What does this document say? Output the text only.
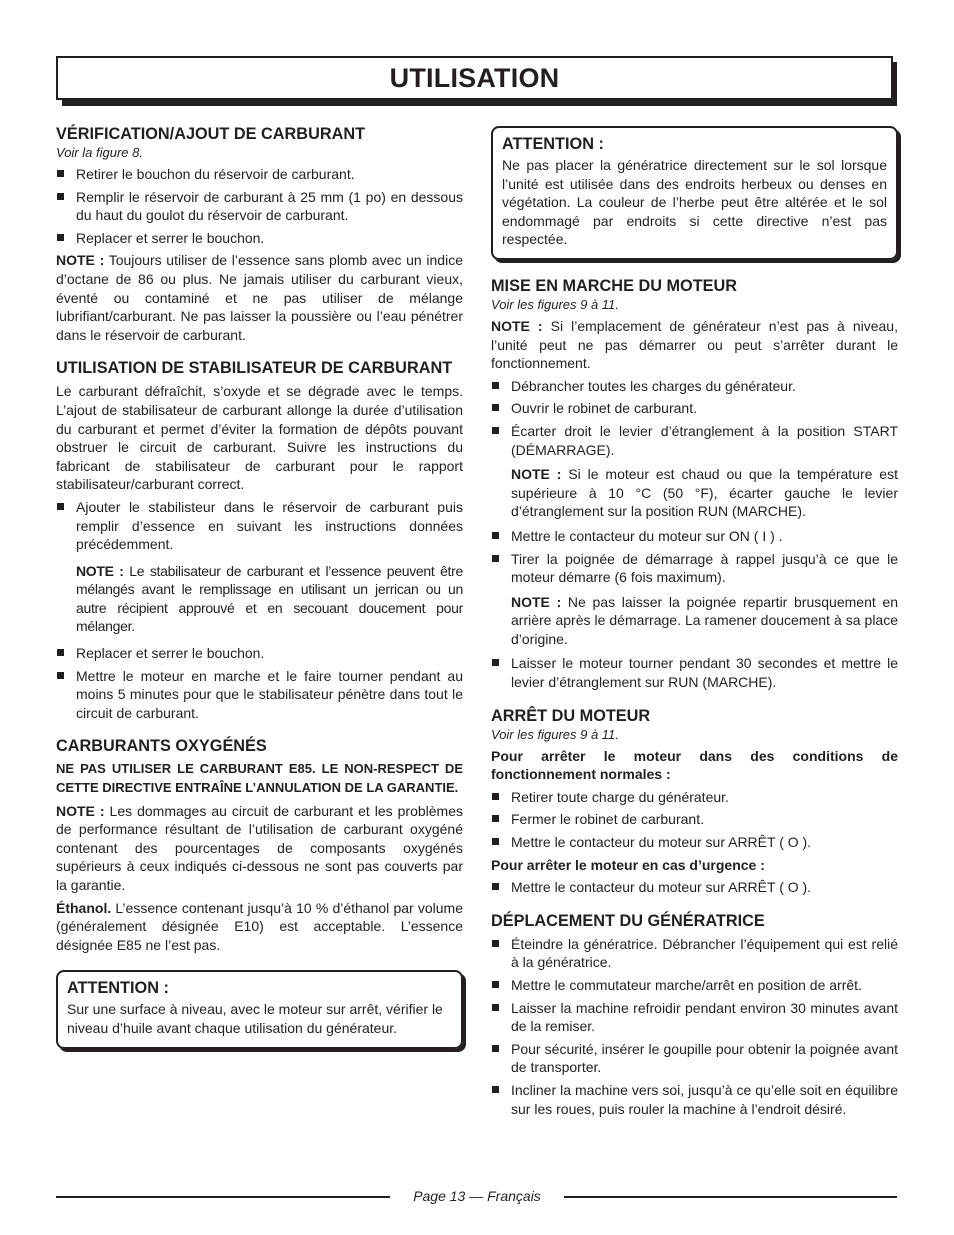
UTILISATION
VÉRIFICATION/AJOUT DE CARBURANT
Voir la figure 8.
Retirer le bouchon du réservoir de carburant.
Remplir le réservoir de carburant à 25 mm (1 po) en dessous du haut du goulot du réservoir de carburant.
Replacer et serrer le bouchon.

NOTE : Toujours utiliser de l’essence sans plomb avec un indice d’octane de 86 ou plus. Ne jamais utiliser du carburant vieux, éventé ou contaminé et ne pas utiliser de mélange lubrifiant/carburant. Ne pas laisser la poussière ou l’eau pénétrer dans le réservoir de carburant.

UTILISATION DE STABILISATEUR DE CARBURANT

Le carburant défraîchit, s’oxyde et se dégrade avec le temps. L’ajout de stabilisateur de carburant allonge la durée d’utilisation du carburant et permet d’éviter la formation de dépôts pouvant obstruer le circuit de carburant. Suivre les instructions du fabricant de stabilisateur de carburant pour le rapport stabilisateur/carburant correct.

Ajouter le stabilisteur dans le réservoir de carburant puis remplir d’essence en suivant les instructions données précédemment.
NOTE : Le stabilisateur de carburant et l’essence peuvent être mélangés avant le remplissage en utilisant un jerrican ou un autre récipient approuvé et en secouant doucement pour mélanger.
Replacer et serrer le bouchon.
Mettre le moteur en marche et le faire tourner pendant au moins 5 minutes pour que le stabilisateur pénètre dans tout le circuit de carburant.
CARBURANTS OXYGÉNÉS

NE PAS UTILISER LE CARBURANT E85. LE NON-RESPECT DE CETTE DIRECTIVE ENTRAÎNE L’ANNULATION DE LA GARANTIE.

NOTE : Les dommages au circuit de carburant et les problèmes de performance résultant de l’utilisation de carburant oxygéné contenant des pourcentages de composants oxygénés supérieurs à ceux indiqués ci-dessous ne sont pas couverts par la garantie.

Éthanol. L’essence contenant jusqu’à 10 % d’éthanol par volume (généralement désignée E10) est acceptable. L’essence désignée E85 ne l’est pas.

ATTENTION :

Sur une surface à niveau, avec le moteur sur arrêt, vérifier le niveau d’huile avant chaque utilisation du générateur.

ATTENTION :

Ne pas placer la génératrice directement sur le sol lorsque l’unité est utilisée dans des endroits herbeux ou denses en végétation. La couleur de l’herbe peut être altérée et le sol endommagé par endroits si cette directive n’est pas respectée.

MISE EN MARCHE DU MOTEUR
Voir les figures 9 à 11.

NOTE : Si l’emplacement de générateur n’est pas à niveau, l’unité peut ne pas démarrer ou peut s’arrêter durant le fonctionnement.

Débrancher toutes les charges du générateur.
Ouvrir le robinet de carburant.
Écarter droit le levier d’étranglement à la position START (DÉMARRAGE).
NOTE : Si le moteur est chaud ou que la température est supérieure à 10 °C (50 °F), écarter gauche le levier d’étranglement sur la position RUN (MARCHE).
Mettre le contacteur du moteur sur ON ( I ) .
Tirer la poignée de démarrage à rappel jusqu’à ce que le moteur démarre (6 fois maximum).
NOTE : Ne pas laisser la poignée repartir brusquement en arrière après le démarrage. La ramener doucement à sa place d’origine.
Laisser le moteur tourner pendant 30 secondes et mettre le levier d’étranglement sur RUN (MARCHE).
ARRÊT DU MOTEUR
Voir les figures 9 à 11.

Pour arrêter le moteur dans des conditions de fonctionnement normales :

Retirer toute charge du générateur.
Fermer le robinet de carburant.
Mettre le contacteur du moteur sur ARRÊT ( O ).

Pour arrêter le moteur en cas d’urgence :

Mettre le contacteur du moteur sur ARRÊT ( O ).
DÉPLACEMENT DU GÉNÉRATRICE
Éteindre la génératrice. Débrancher l’équipement qui est relié à la génératrice.
Mettre le commutateur marche/arrêt en position de arrêt.
Laisser la machine refroidir pendant environ 30 minutes avant de la remiser.
Pour sécurité, insérer le goupille pour obtenir la poignée avant de transporter.
Incliner la machine vers soi, jusqu’à ce qu’elle soit en équilibre sur les roues, puis rouler la machine à l’endroit désiré.
Page 13 — Français
